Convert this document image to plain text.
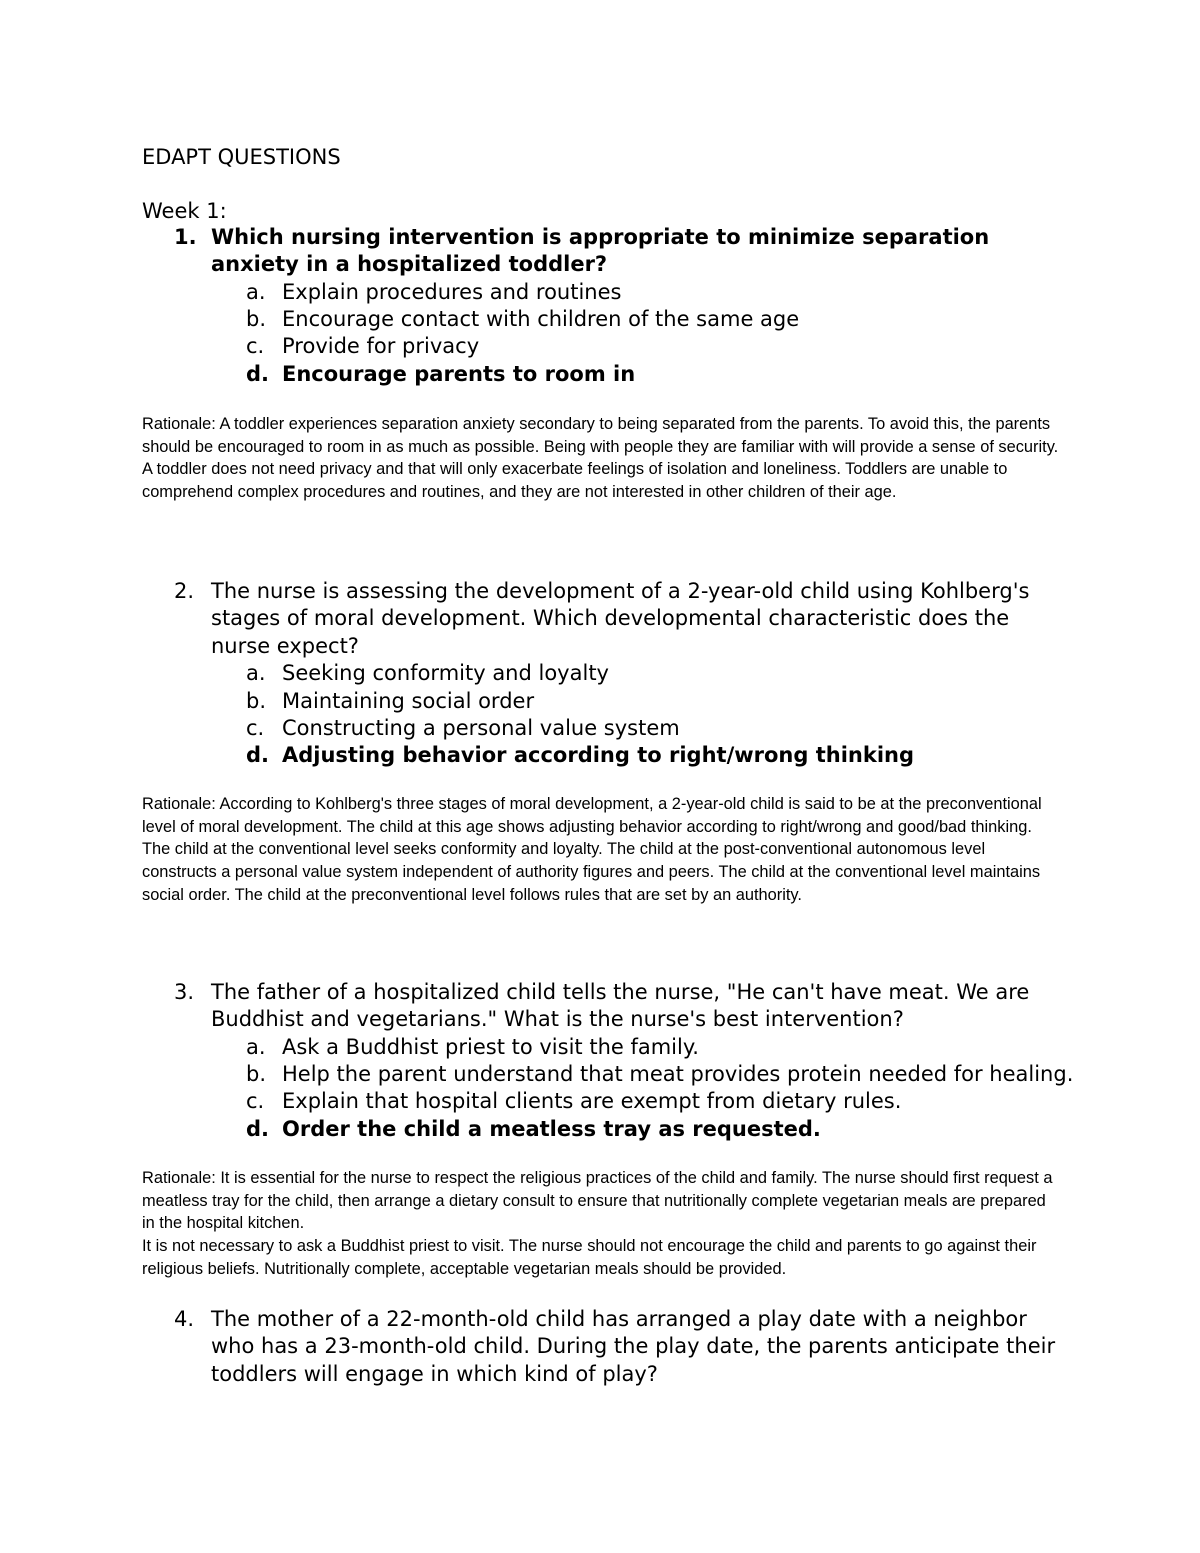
EDAPT QUESTIONS
Week 1:
1. Which nursing intervention is appropriate to minimize separation anxiety in a hospitalized toddler?
a. Explain procedures and routines
b. Encourage contact with children of the same age
c. Provide for privacy
d. Encourage parents to room in

Rationale: A toddler experiences separation anxiety secondary to being separated from the parents. To avoid this, the parents should be encouraged to room in as much as possible. Being with people they are familiar with will provide a sense of security.

A toddler does not need privacy and that will only exacerbate feelings of isolation and loneliness. Toddlers are unable to comprehend complex procedures and routines, and they are not interested in other children of their age.

2. The nurse is assessing the development of a 2-year-old child using Kohlberg's stages of moral development. Which developmental characteristic does the nurse expect?
a. Seeking conformity and loyalty
b. Maintaining social order
c. Constructing a personal value system
d. Adjusting behavior according to right/wrong thinking

Rationale: According to Kohlberg's three stages of moral development, a 2-year-old child is said to be at the preconventional level of moral development. The child at this age shows adjusting behavior according to right/wrong and good/bad thinking.

The child at the conventional level seeks conformity and loyalty. The child at the post-conventional autonomous level constructs a personal value system independent of authority figures and peers. The child at the conventional level maintains social order. The child at the preconventional level follows rules that are set by an authority.

3. The father of a hospitalized child tells the nurse, "He can't have meat. We are Buddhist and vegetarians." What is the nurse's best intervention?
a. Ask a Buddhist priest to visit the family.
b. Help the parent understand that meat provides protein needed for healing.
c. Explain that hospital clients are exempt from dietary rules.
d. Order the child a meatless tray as requested.

Rationale: It is essential for the nurse to respect the religious practices of the child and family. The nurse should first request a meatless tray for the child, then arrange a dietary consult to ensure that nutritionally complete vegetarian meals are prepared in the hospital kitchen.

It is not necessary to ask a Buddhist priest to visit. The nurse should not encourage the child and parents to go against their religious beliefs. Nutritionally complete, acceptable vegetarian meals should be provided.

4. The mother of a 22-month-old child has arranged a play date with a neighbor who has a 23-month-old child. During the play date, the parents anticipate their toddlers will engage in which kind of play?
